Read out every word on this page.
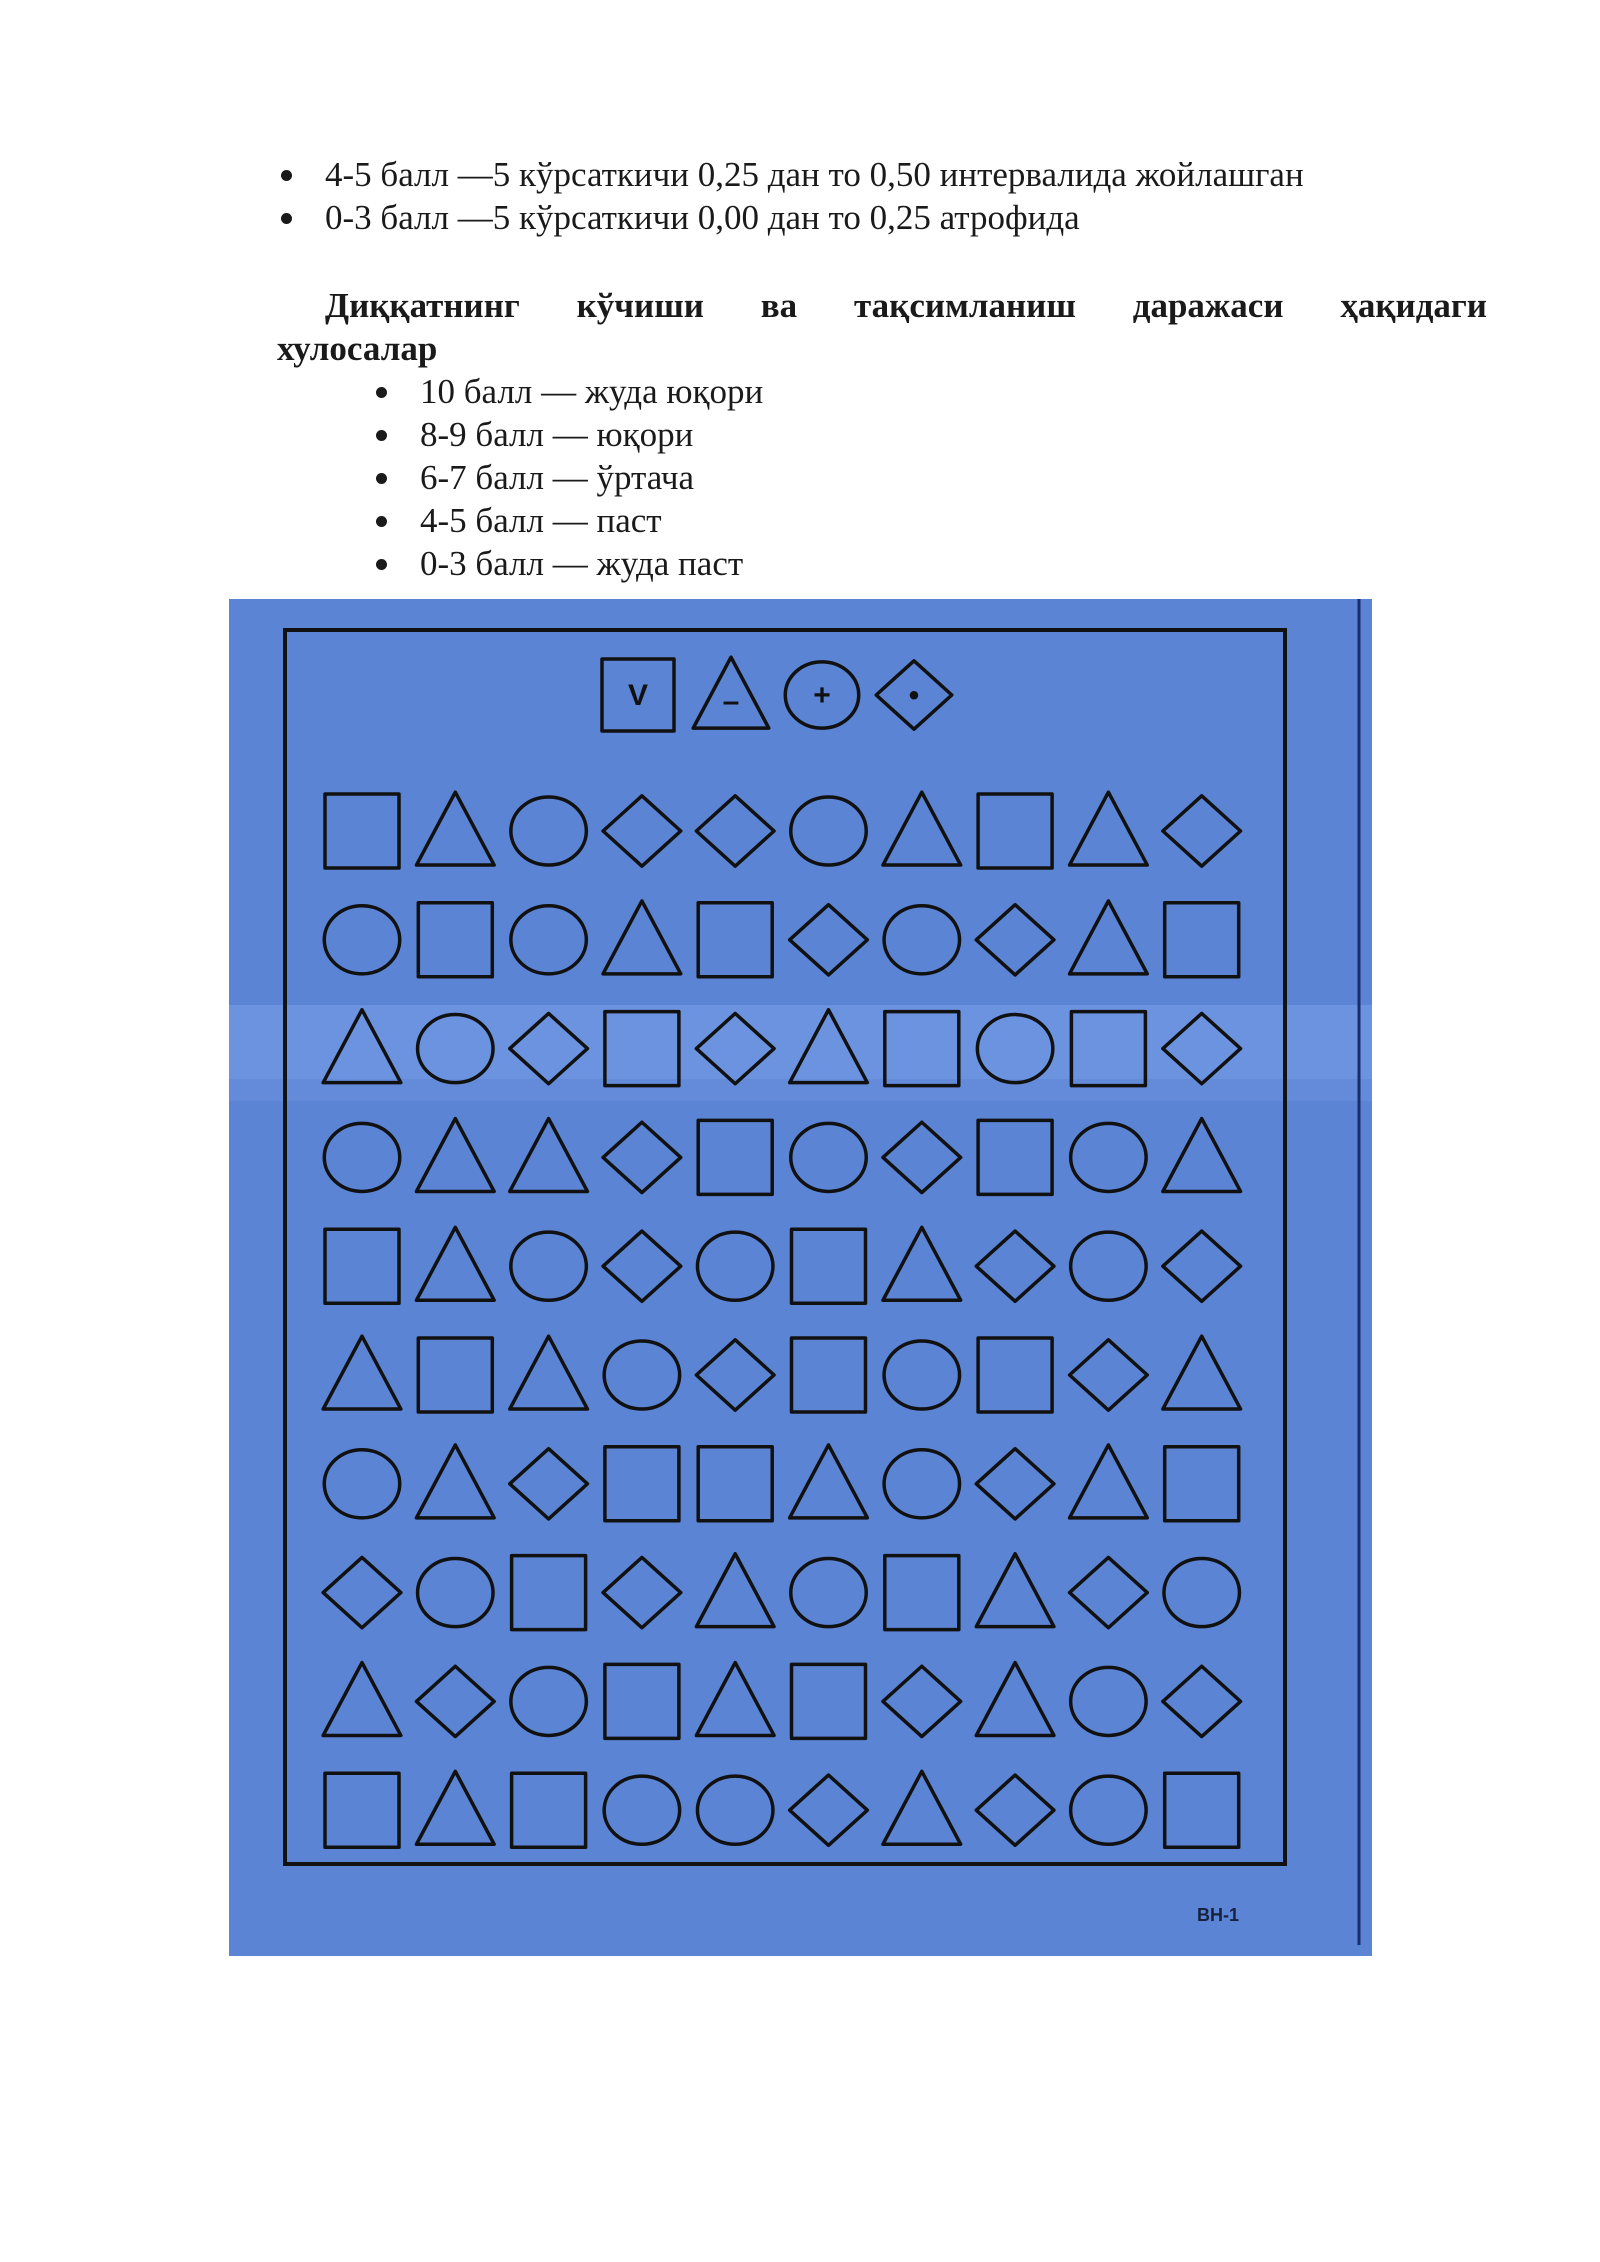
4-5 балл —5 кўрсаткичи 0,25 дан то 0,50 интервалида жойлашган
0-3 балл —5 кўрсаткичи 0,00 дан то 0,25 атрофида

Диққатнинг кўчиши ва тақсимланиш даражаси ҳақидаги
хулосалар

10 балл — жуда юқори
8-9 балл — юқори
6-7 балл — ўртача
4-5 балл — паст
0-3 балл — жуда паст
V – +	•
BH-1
